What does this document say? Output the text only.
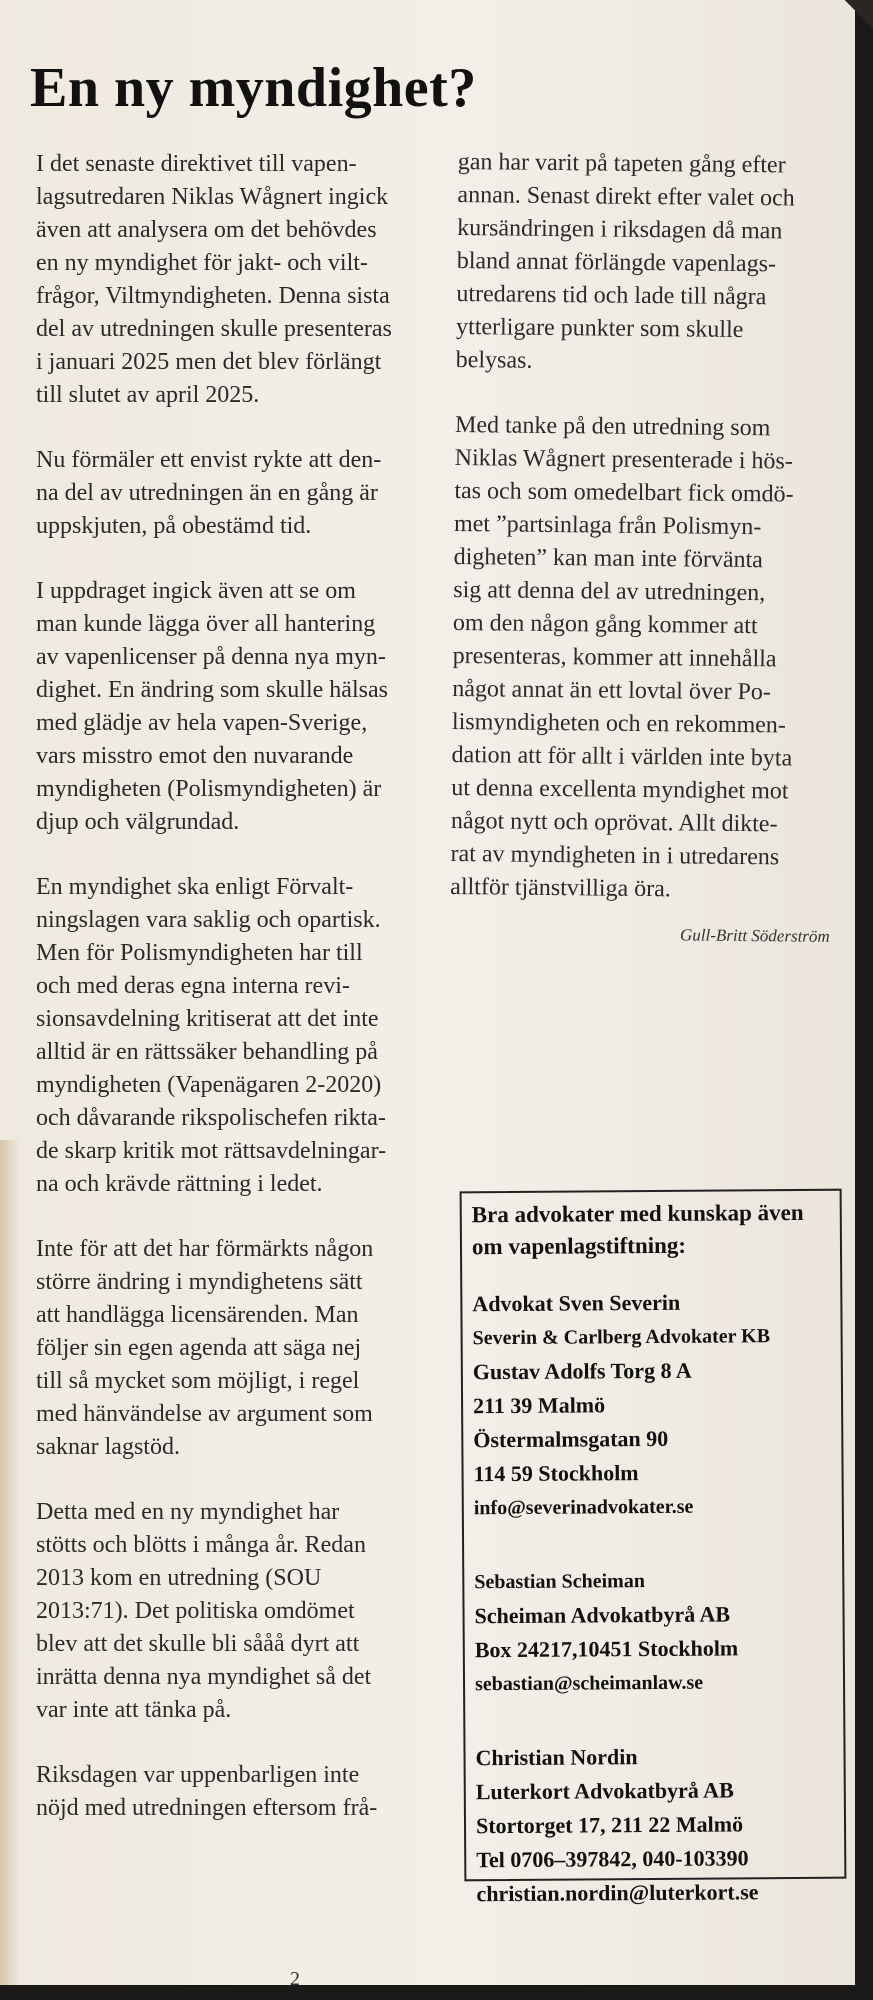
En ny myndighet?

I det senaste direktivet till vapen-
lagsutredaren Niklas Wågnert ingick
även att analysera om det behövdes
en ny myndighet för jakt- och vilt-
frågor, Viltmyndigheten. Denna sista
del av utredningen skulle presenteras
i januari 2025 men det blev förlängt
till slutet av april 2025.

Nu förmäler ett envist rykte att den-
na del av utredningen än en gång är
uppskjuten, på obestämd tid.

I uppdraget ingick även att se om
man kunde lägga över all hantering
av vapenlicenser på denna nya myn-
dighet. En ändring som skulle hälsas
med glädje av hela vapen-Sverige,
vars misstro emot den nuvarande
myndigheten (Polismyndigheten) är
djup och välgrundad.

En myndighet ska enligt Förvalt-
ningslagen vara saklig och opartisk.
Men för Polismyndigheten har till
och med deras egna interna revi-
sionsavdelning kritiserat att det inte
alltid är en rättssäker behandling på
myndigheten (Vapenägaren 2-2020)
och dåvarande rikspolischefen rikta-
de skarp kritik mot rättsavdelningar-
na och krävde rättning i ledet.

Inte för att det har förmärkts någon
större ändring i myndighetens sätt
att handlägga licensärenden. Man
följer sin egen agenda att säga nej
till så mycket som möjligt, i regel
med hänvändelse av argument som
saknar lagstöd.

Detta med en ny myndighet har
stötts och blötts i många år. Redan
2013 kom en utredning (SOU
2013:71). Det politiska omdömet
blev att det skulle bli sååå dyrt att
inrätta denna nya myndighet så det
var inte att tänka på.

Riksdagen var uppenbarligen inte
nöjd med utredningen eftersom frå-

gan har varit på tapeten gång efter
annan. Senast direkt efter valet och
kursändringen i riksdagen då man
bland annat förlängde vapenlags-
utredarens tid och lade till några
ytterligare punkter som skulle
belysas.

Med tanke på den utredning som
Niklas Wågnert presenterade i hös-
tas och som omedelbart fick omdö-
met ”partsinlaga från Polismyn-
digheten” kan man inte förvänta
sig att denna del av utredningen,
om den någon gång kommer att
presenteras, kommer att innehålla
något annat än ett lovtal över Po-
lismyndigheten och en rekommen-
dation att för allt i världen inte byta
ut denna excellenta myndighet mot
något nytt och oprövat. Allt dikte-
rat av myndigheten in i utredarens
alltför tjänstvilliga öra.

Gull-Britt Söderström
Bra advokater med kunskap även om vapenlagstiftning:
Advokat Sven Severin
Severin & Carlberg Advokater KB
Gustav Adolfs Torg 8 A
211 39 Malmö
Östermalmsgatan 90
114 59 Stockholm
info@severinadvokater.se
Sebastian Scheiman
Scheiman Advokatbyrå AB
Box 24217,10451 Stockholm
sebastian@scheimanlaw.se
Christian Nordin
Luterkort Advokatbyrå AB
Stortorget 17, 211 22 Malmö
Tel 0706–397842, 040-103390
christian.nordin@luterkort.se
2
